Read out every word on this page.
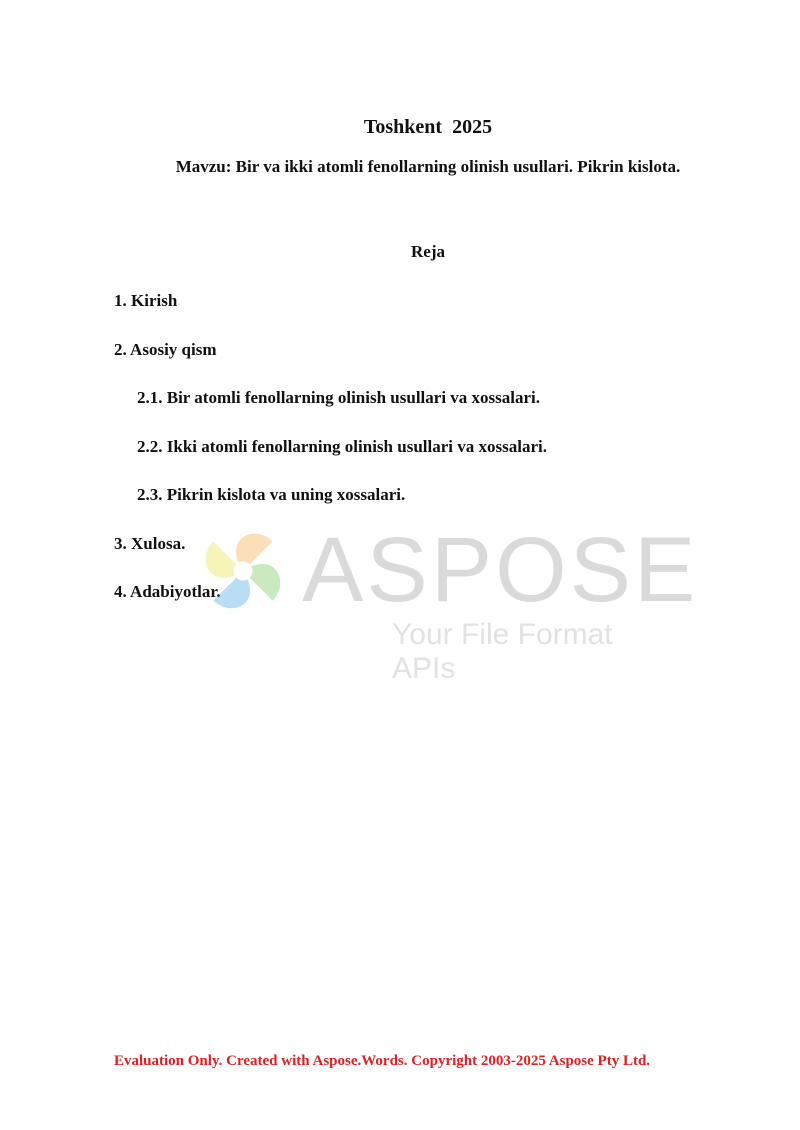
Toshkent  2025
Mavzu: Bir va ikki atomli fenollarning olinish usullari. Pikrin kislota.
Reja
1. Kirish
2. Asosiy qism
2.1. Bir atomli fenollarning olinish usullari va xossalari.
2.2. Ikki atomli fenollarning olinish usullari va xossalari.
2.3. Pikrin kislota va uning xossalari.
3. Xulosa.
4. Adabiyotlar. ASPOSE
Your File Format APIs
Evaluation Only. Created with Aspose.Words. Copyright 2003-2025 Aspose Pty Ltd.
